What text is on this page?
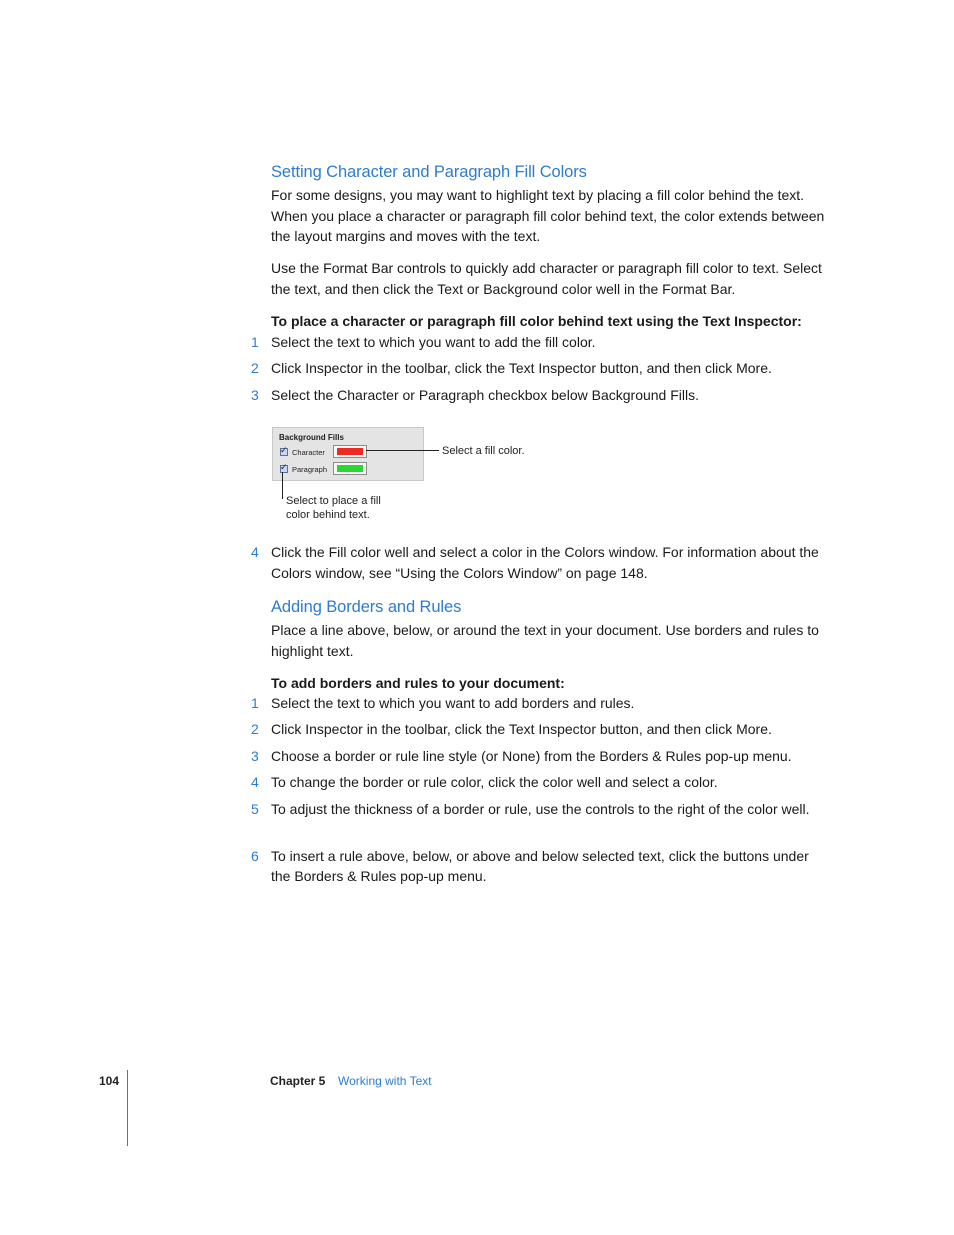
Setting Character and Paragraph Fill Colors

For some designs, you may want to highlight text by placing a fill color behind the text. When you place a character or paragraph fill color behind text, the color extends between the layout margins and moves with the text.

Use the Format Bar controls to quickly add character or paragraph fill color to text. Select the text, and then click the Text or Background color well in the Format Bar.

To place a character or paragraph fill color behind text using the Text Inspector:

1 Select the text to which you want to add the fill color.
2 Click Inspector in the toolbar, click the Text Inspector button, and then click More.
3 Select the Character or Paragraph checkbox below Background Fills.
Background Fills
✓ Character
✓ Paragraph
Select a fill color.
Select to place a fill
color behind text.
4 Click the Fill color well and select a color in the Colors window. For information about the Colors window, see “Using the Colors Window” on page 148.
Adding Borders and Rules

Place a line above, below, or around the text in your document. Use borders and rules to highlight text.

To add borders and rules to your document:

1 Select the text to which you want to add borders and rules.
2 Click Inspector in the toolbar, click the Text Inspector button, and then click More.
3 Choose a border or rule line style (or None) from the Borders & Rules pop-up menu.
4 To change the border or rule color, click the color well and select a color.
5 To adjust the thickness of a border or rule, use the controls to the right of the color well.
6 To insert a rule above, below, or above and below selected text, click the buttons under the Borders & Rules pop-up menu.
104	Chapter 5 Working with Text
